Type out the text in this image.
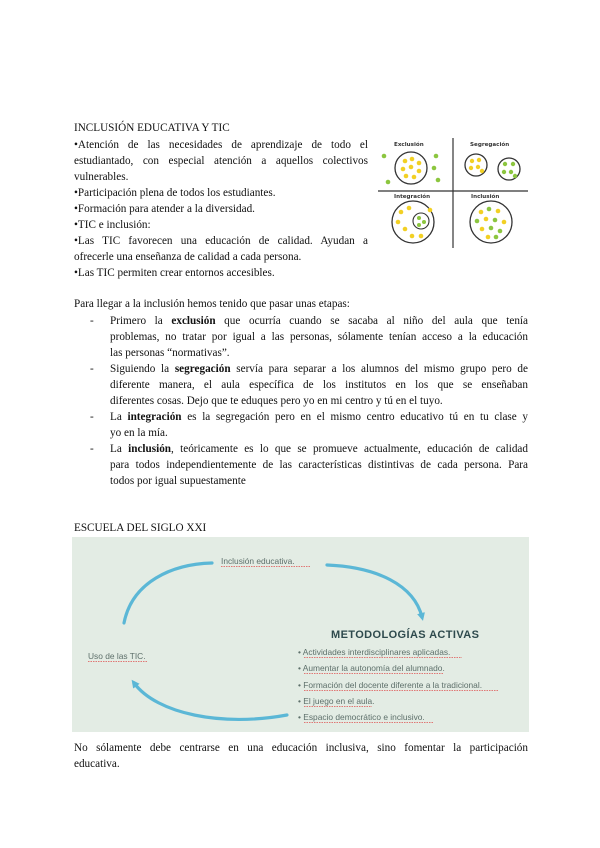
INCLUSIÓN EDUCATIVA Y TIC
•Atención de las necesidades de aprendizaje de todo el
estudiantado, con especial atención a aquellos colectivos
vulnerables.
•Participación plena de todos los estudiantes.
•Formación para atender a la diversidad.
•TIC e inclusión:
•Las TIC favorecen una educación de calidad. Ayudan a
ofrecerle una enseñanza de calidad a cada persona.
•Las TIC permiten crear entornos accesibles.
Exclusión	Segregación
Integración	Inclusión
Para llegar a la inclusión hemos tenido que pasar unas etapas:
- Primero la exclusión que ocurría cuando se sacaba al niño del aula que tenía
problemas, no tratar por igual a las personas, sólamente tenían acceso a la educación
las personas “normativas”.
- Siguiendo la segregación servía para separar a los alumnos del mismo grupo pero de
diferente manera, el aula específica de los institutos en los que se enseñaban
diferentes cosas. Dejo que te eduques pero yo en mi centro y tú en el tuyo.
- La integración es la segregación pero en el mismo centro educativo tú en tu clase y
yo en la mía.
- La inclusión, teóricamente es lo que se promueve actualmente, educación de calidad
para todos independientemente de las características distintivas de cada persona. Para
todos por igual supuestamente
ESCUELA DEL SIGLO XXI
Inclusión educativa.
Uso de las TIC.
METODOLOGÍAS ACTIVAS
• Actividades interdisciplinares aplicadas.
• Aumentar la autonomía del alumnado.
• Formación del docente diferente a la tradicional.
• El juego en el aula.
• Espacio democrático e inclusivo.
No sólamente debe centrarse en una educación inclusiva, sino fomentar la participación
educativa.
